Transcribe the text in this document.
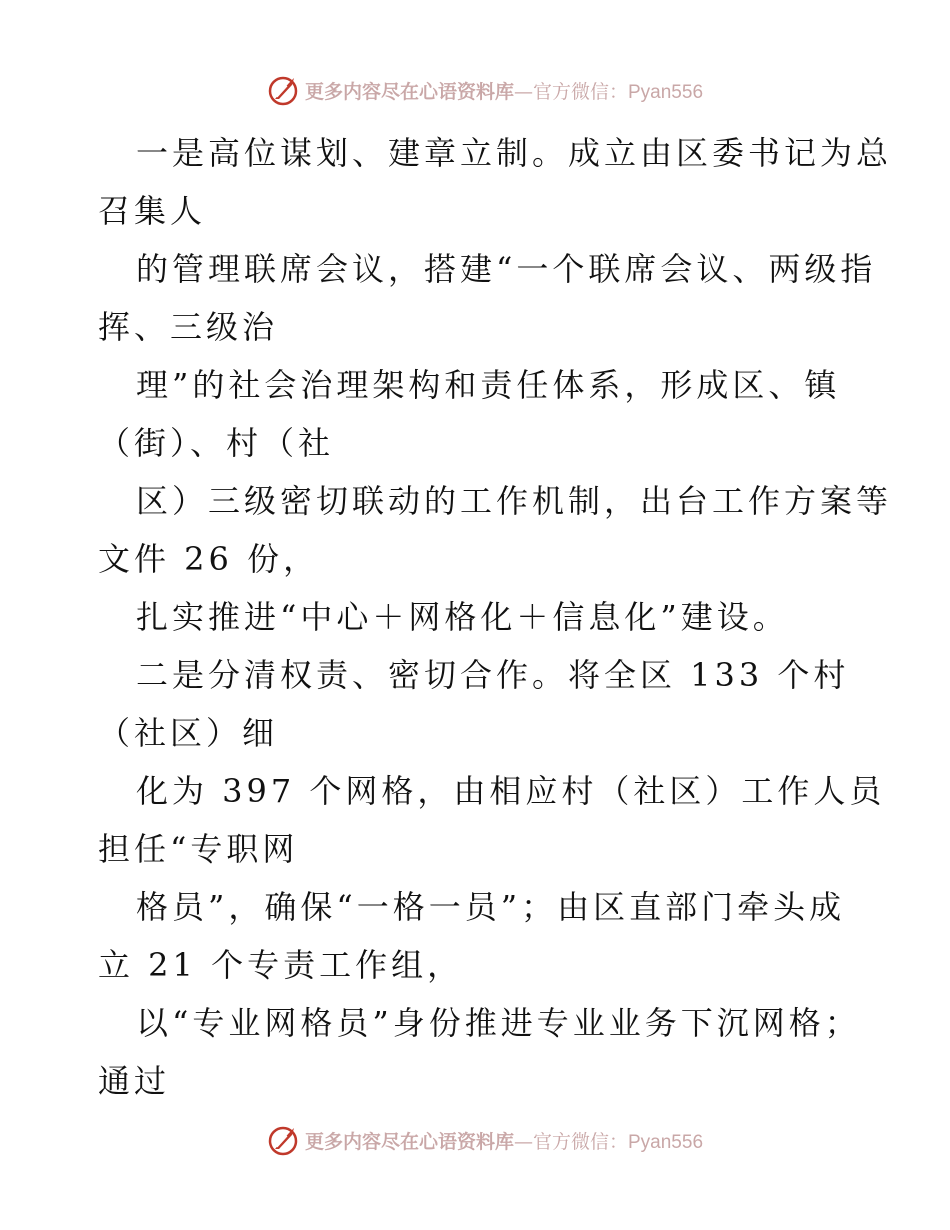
更多内容尽在心语资料库—官方微信：Pyan556
一是高位谋划、建章立制。成立由区委书记为总
召集人
的管理联席会议，搭建“一个联席会议、两级指
挥、三级治
理”的社会治理架构和责任体系，形成区、镇
（街）、村（社
区）三级密切联动的工作机制，出台工作方案等
文件 26 份，
扎实推进“中心＋网格化＋信息化”建设。
二是分清权责、密切合作。将全区 133 个村
（社区）细
化为 397 个网格，由相应村（社区）工作人员
担任“专职网
格员”，确保“一格一员”；由区直部门牵头成
立 21 个专责工作组，
以“专业网格员”身份推进专业业务下沉网格；
通过
更多内容尽在心语资料库—官方微信：Pyan556
